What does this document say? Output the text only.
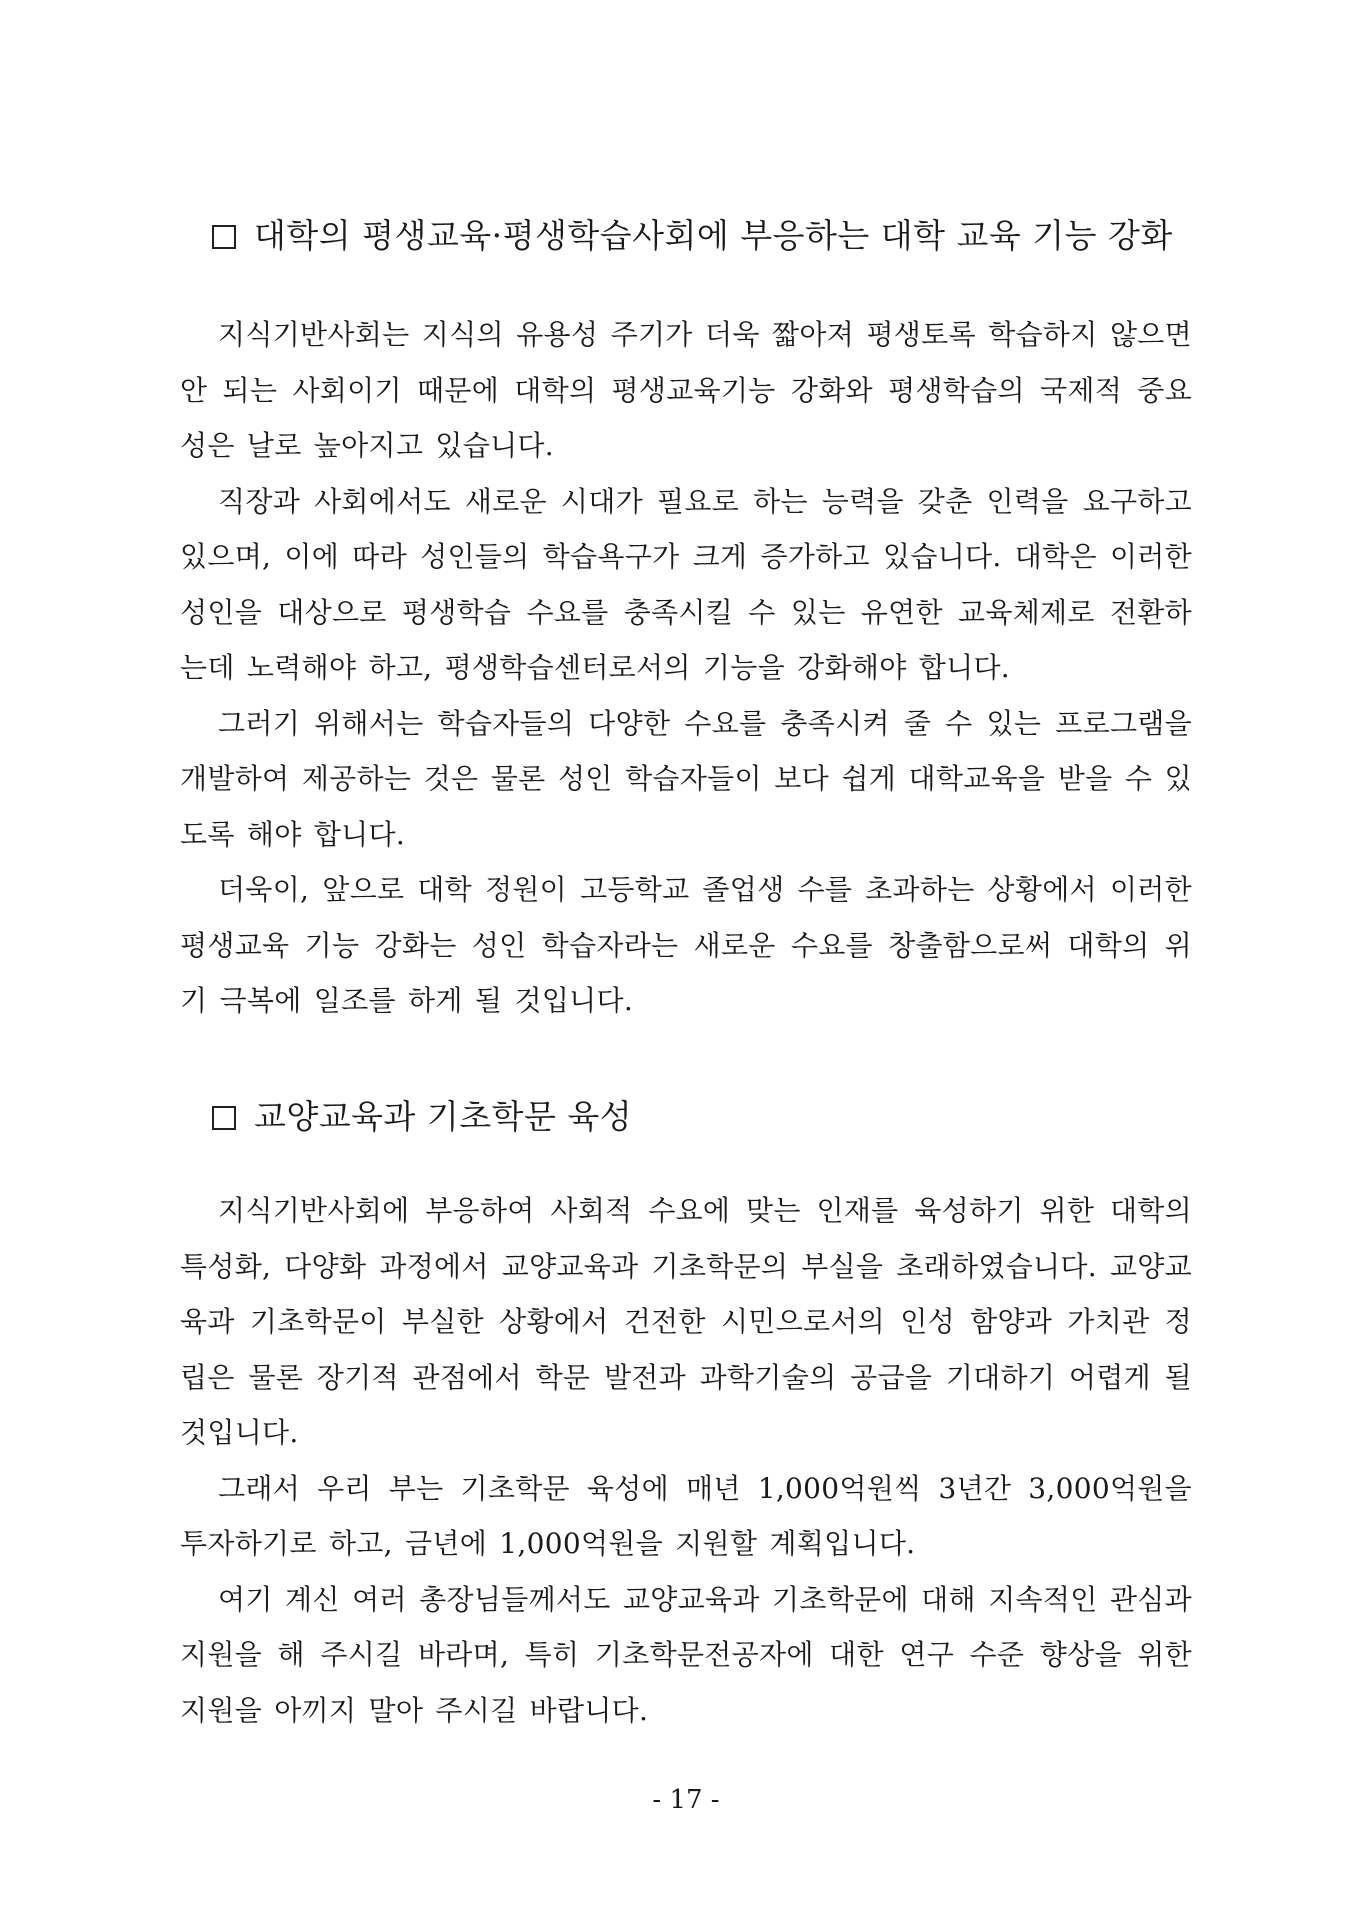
대학의 평생교육·평생학습사회에 부응하는 대학 교육 기능 강화

지식기반사회는 지식의 유용성 주기가 더욱 짧아져 평생토록 학습하지 않으면 안 되는 사회이기 때문에 대학의 평생교육기능 강화와 평생학습의 국제적 중요성은 날로 높아지고 있습니다.

직장과 사회에서도 새로운 시대가 필요로 하는 능력을 갖춘 인력을 요구하고 있으며, 이에 따라 성인들의 학습욕구가 크게 증가하고 있습니다. 대학은 이러한 성인을 대상으로 평생학습 수요를 충족시킬 수 있는 유연한 교육체제로 전환하는데 노력해야 하고, 평생학습센터로서의 기능을 강화해야 합니다.

그러기 위해서는 학습자들의 다양한 수요를 충족시켜 줄 수 있는 프로그램을 개발하여 제공하는 것은 물론 성인 학습자들이 보다 쉽게 대학교육을 받을 수 있도록 해야 합니다.

더욱이, 앞으로 대학 정원이 고등학교 졸업생 수를 초과하는 상황에서 이러한 평생교육 기능 강화는 성인 학습자라는 새로운 수요를 창출함으로써 대학의 위기 극복에 일조를 하게 될 것입니다.

교양교육과 기초학문 육성

지식기반사회에 부응하여 사회적 수요에 맞는 인재를 육성하기 위한 대학의 특성화, 다양화 과정에서 교양교육과 기초학문의 부실을 초래하였습니다. 교양교육과 기초학문이 부실한 상황에서 건전한 시민으로서의 인성 함양과 가치관 정립은 물론 장기적 관점에서 학문 발전과 과학기술의 공급을 기대하기 어렵게 될 것입니다.

그래서 우리 부는 기초학문 육성에 매년 1,000억원씩 3년간 3,000억원을 투자하기로 하고, 금년에 1,000억원을 지원할 계획입니다.

여기 계신 여러 총장님들께서도 교양교육과 기초학문에 대해 지속적인 관심과 지원을 해 주시길 바라며, 특히 기초학문전공자에 대한 연구 수준 향상을 위한 지원을 아끼지 말아 주시길 바랍니다.

- 17 -
